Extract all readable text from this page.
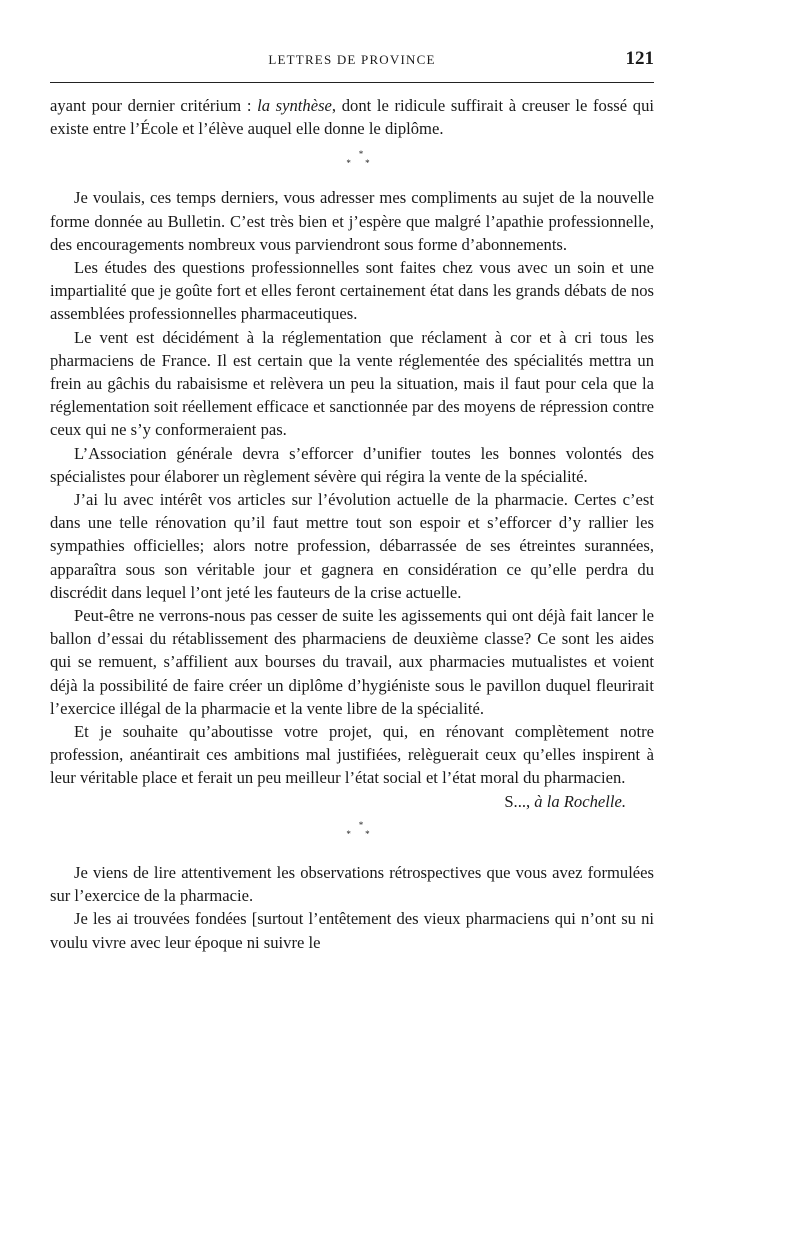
LETTRES DE PROVINCE	121

ayant pour dernier critérium : la synthèse, dont le ridicule suffirait à creuser le fossé qui existe entre l’École et l’élève auquel elle donne le diplôme.

*
* *

Je voulais, ces temps derniers, vous adresser mes compliments au sujet de la nouvelle forme donnée au Bulletin. C’est très bien et j’espère que malgré l’apathie professionnelle, des encouragements nombreux vous parviendront sous forme d’abonnements.

Les études des questions professionnelles sont faites chez vous avec un soin et une impartialité que je goûte fort et elles feront certainement état dans les grands débats de nos assemblées professionnelles pharmaceutiques.

Le vent est décidément à la réglementation que réclament à cor et à cri tous les pharmaciens de France. Il est certain que la vente réglementée des spécialités mettra un frein au gâchis du rabaisisme et relèvera un peu la situation, mais il faut pour cela que la réglementation soit réellement efficace et sanctionnée par des moyens de répression contre ceux qui ne s’y conformeraient pas.

L’Association générale devra s’efforcer d’unifier toutes les bonnes volontés des spécialistes pour élaborer un règlement sévère qui régira la vente de la spécialité.

J’ai lu avec intérêt vos articles sur l’évolution actuelle de la pharmacie. Certes c’est dans une telle rénovation qu’il faut mettre tout son espoir et s’efforcer d’y rallier les sympathies officielles; alors notre profession, débarrassée de ses étreintes surannées, apparaîtra sous son véritable jour et gagnera en considération ce qu’elle perdra du discrédit dans lequel l’ont jeté les fauteurs de la crise actuelle.

Peut-être ne verrons-nous pas cesser de suite les agissements qui ont déjà fait lancer le ballon d’essai du rétablissement des pharmaciens de deuxième classe? Ce sont les aides qui se remuent, s’affilient aux bourses du travail, aux pharmacies mutualistes et voient déjà la possibilité de faire créer un diplôme d’hygiéniste sous le pavillon duquel fleurirait l’exercice illégal de la pharmacie et la vente libre de la spécialité.

Et je souhaite qu’aboutisse votre projet, qui, en rénovant complètement notre profession, anéantirait ces ambitions mal justifiées, relèguerait ceux qu’elles inspirent à leur véritable place et ferait un peu meilleur l’état social et l’état moral du pharmacien.

S..., à la Rochelle.

*
* *

Je viens de lire attentivement les observations rétrospectives que vous avez formulées sur l’exercice de la pharmacie.

Je les ai trouvées fondées [surtout l’entêtement des vieux pharmaciens qui n’ont su ni voulu vivre avec leur époque ni suivre le
